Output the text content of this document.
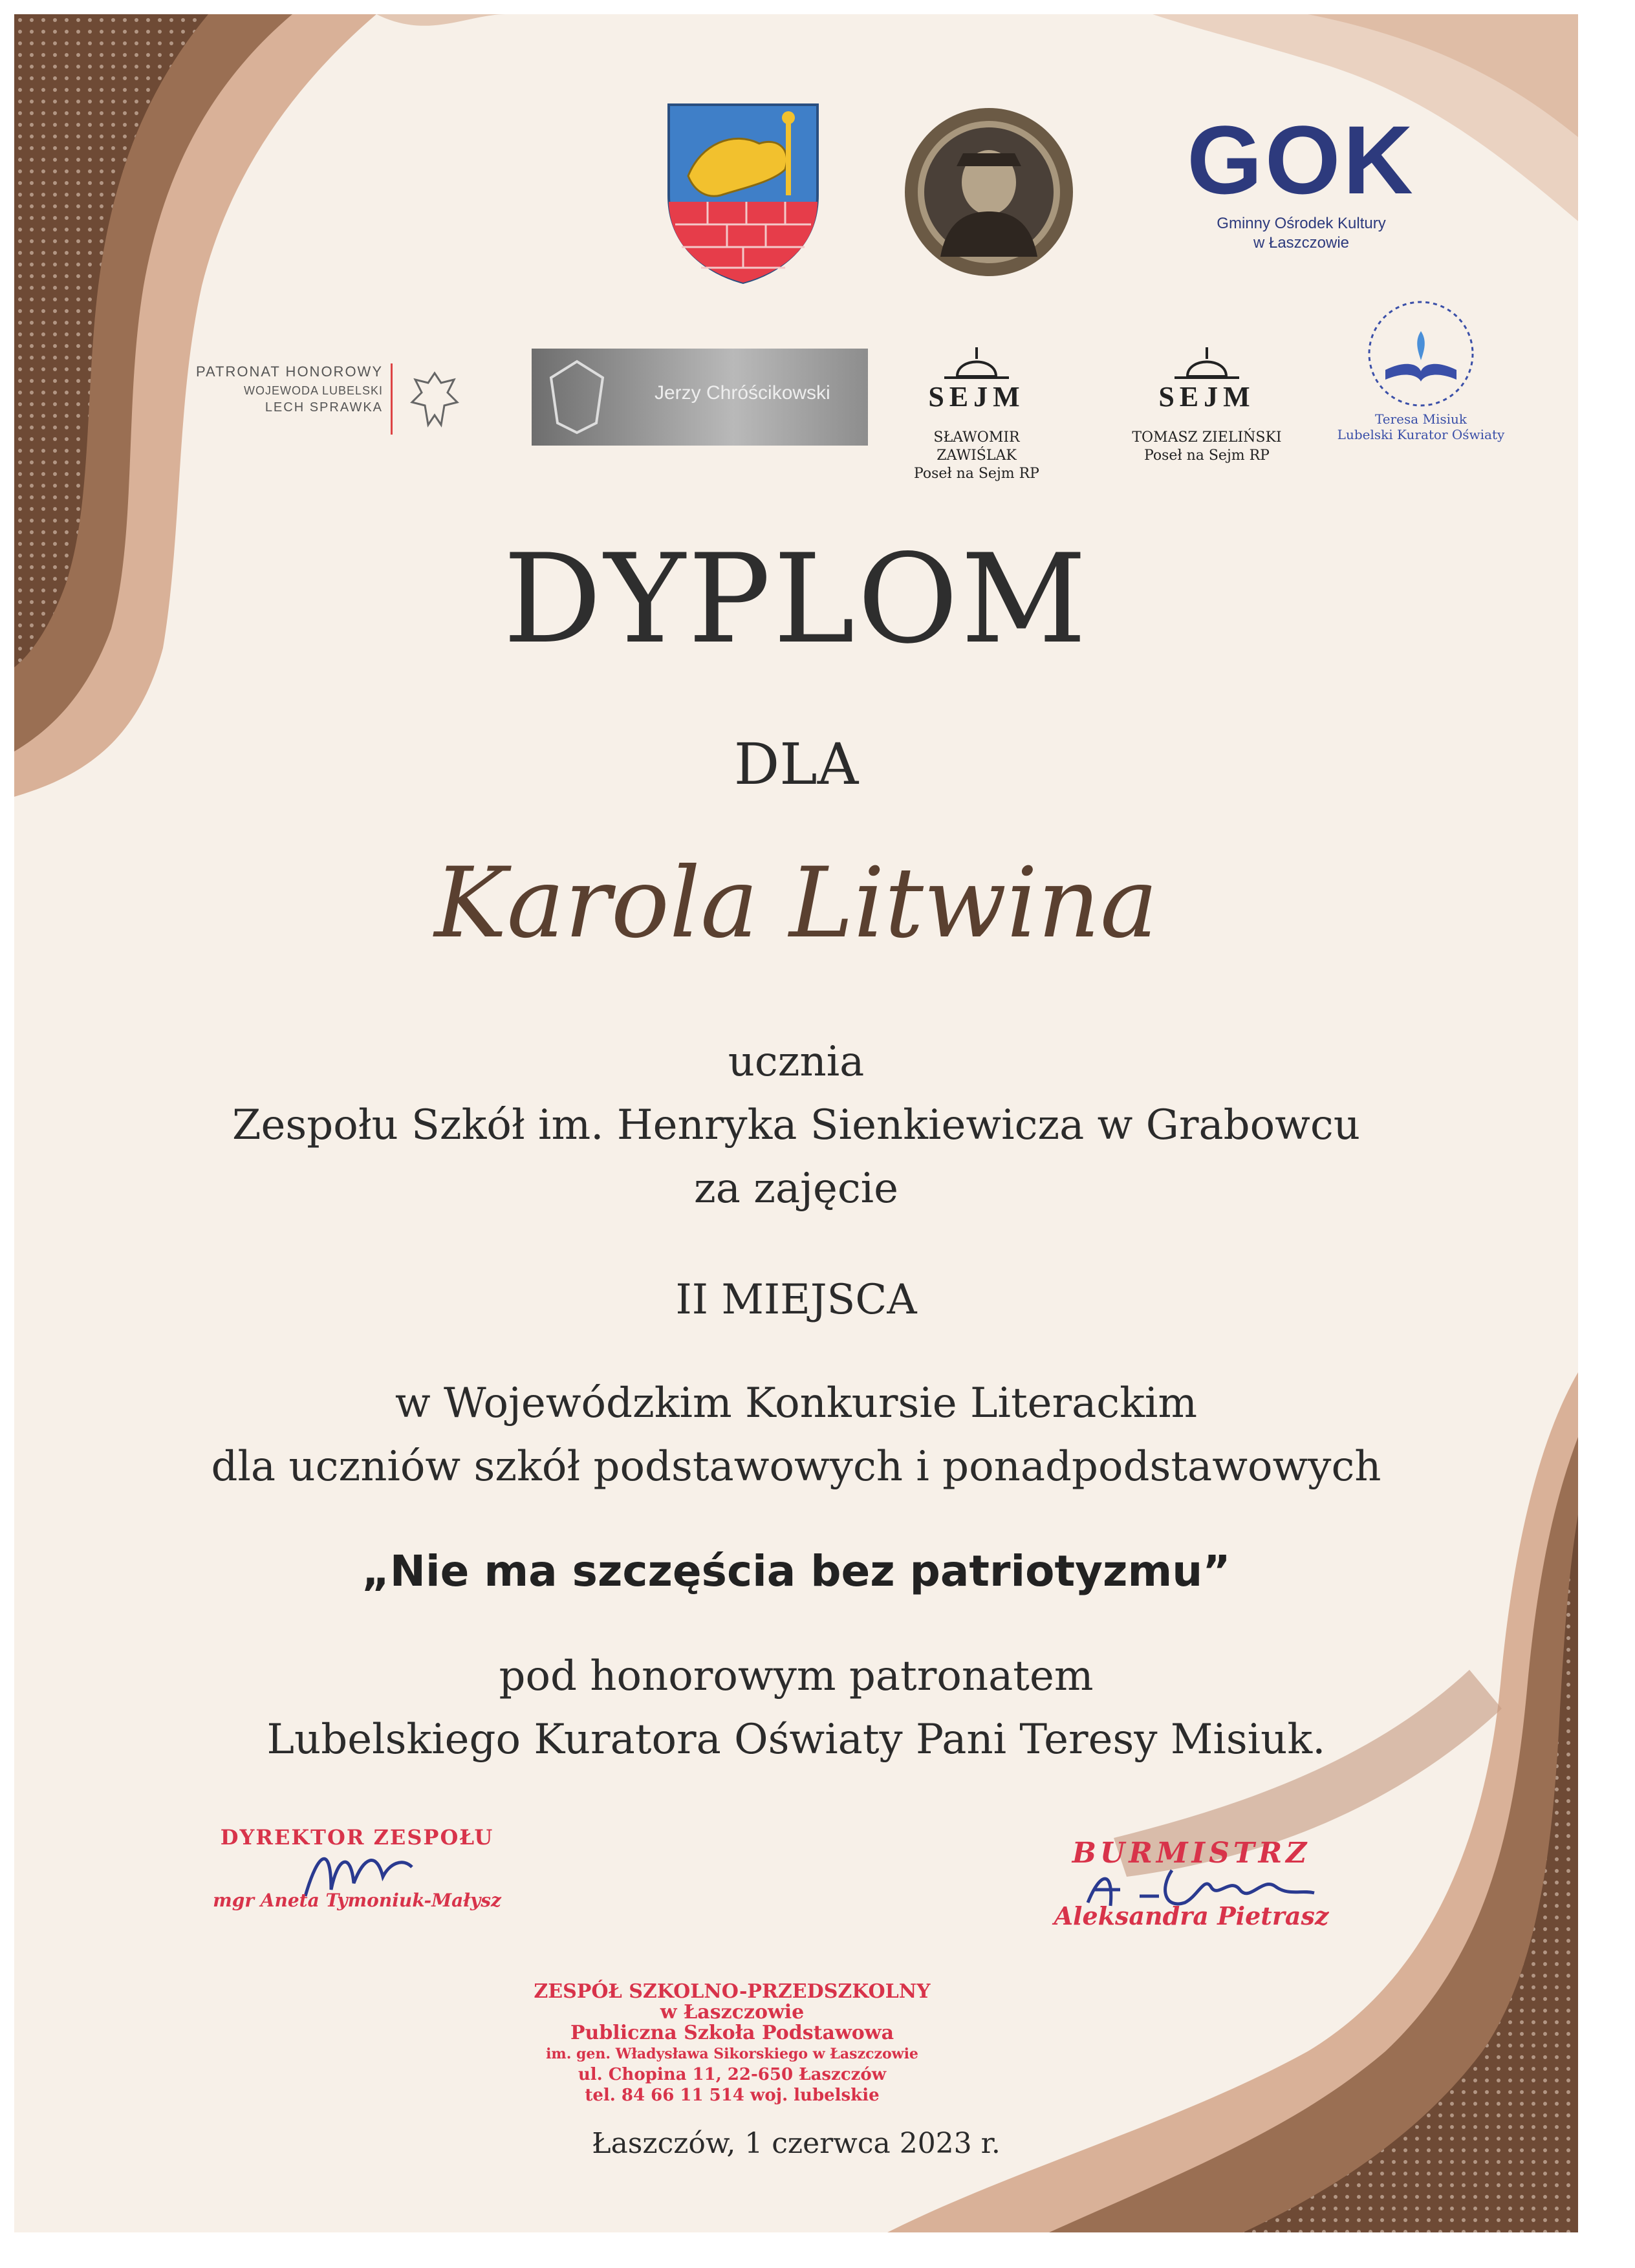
GOK
Gminny Ośrodek Kultury
w Łaszczowie
PATRONAT HONOROWY
WOJEWODA LUBELSKI
LECH SPRAWKA
Jerzy Chróścikowski	SEJM
SŁAWOMIR ZAWIŚLAK
Poseł na Sejm RP
SEJM
TOMASZ ZIELIŃSKI
Poseł na Sejm RP
Teresa Misiuk
Lubelski Kurator Oświaty
DYPLOM
DLA
Karola Litwina
ucznia
Zespołu Szkół im. Henryka Sienkiewicza w Grabowcu
za zajęcie
II MIEJSCA
w Wojewódzkim Konkursie Literackim
dla uczniów szkół podstawowych i ponadpodstawowych
„Nie ma szczęścia bez patriotyzmu”
pod honorowym patronatem
Lubelskiego Kuratora Oświaty Pani Teresy Misiuk.
DYREKTOR ZESPOŁU
mgr Aneta Tymoniuk-Małysz
BURMISTRZ
Aleksandra Pietrasz
ZESPÓŁ SZKOLNO-PRZEDSZKOLNY
w Łaszczowie
Publiczna Szkoła Podstawowa
im. gen. Władysława Sikorskiego w Łaszczowie
ul. Chopina 11, 22-650 Łaszczów
tel. 84 66 11 514 woj. lubelskie
Łaszczów, 1 czerwca 2023 r.
